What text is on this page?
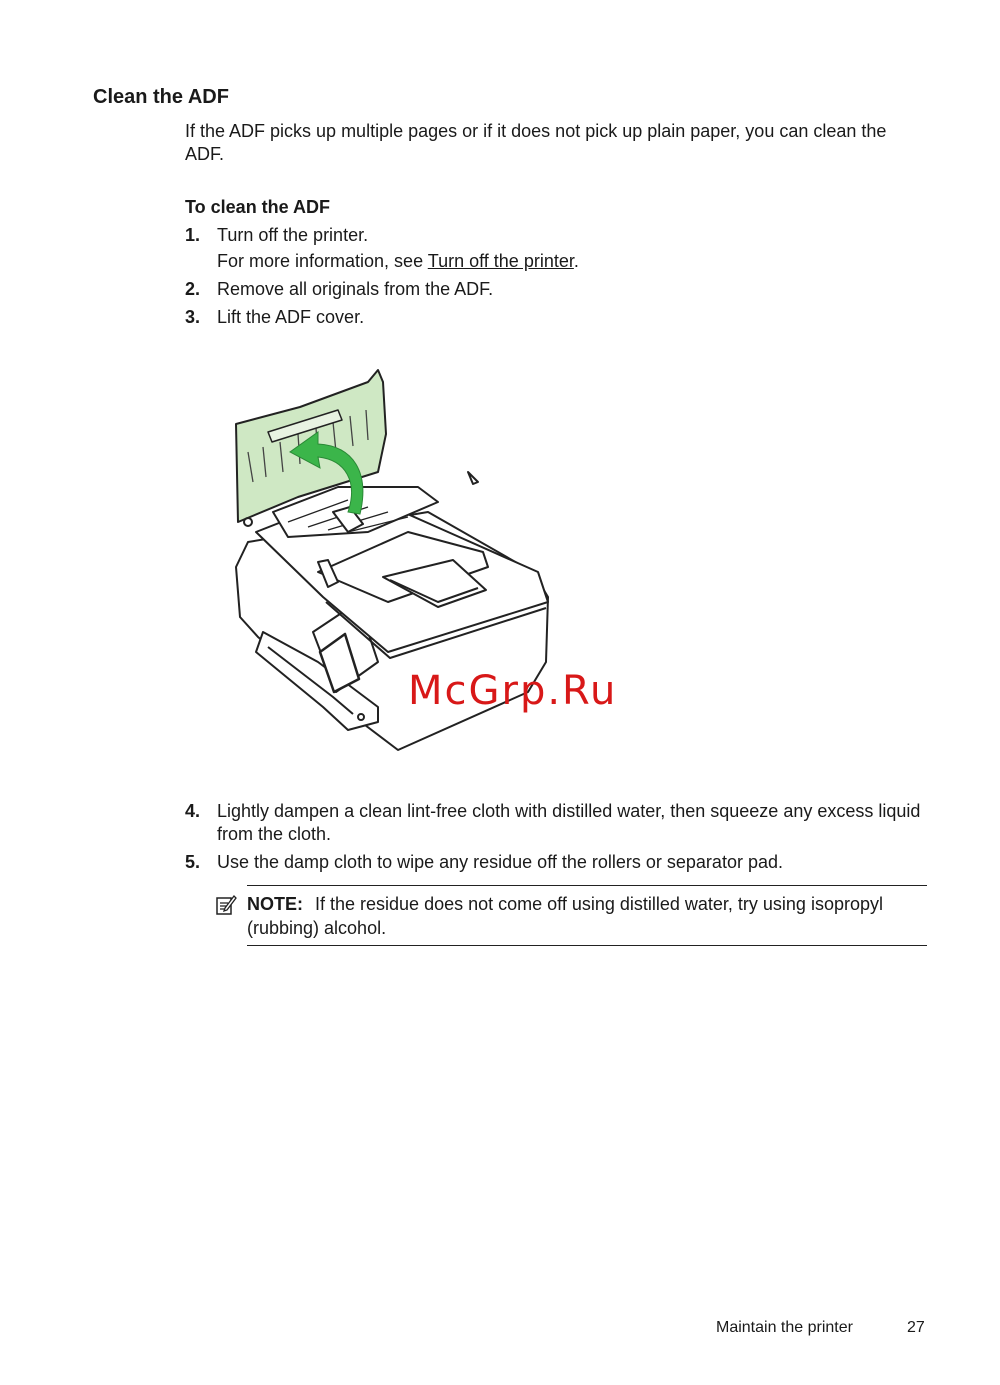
Clean the ADF
If the ADF picks up multiple pages or if it does not pick up plain paper, you can clean the ADF.
To clean the ADF
1. Turn off the printer.
For more information, see Turn off the printer.
2. Remove all originals from the ADF.
3. Lift the ADF cover.
McGrp.Ru
4. Lightly dampen a clean lint-free cloth with distilled water, then squeeze any excess liquid from the cloth.
5. Use the damp cloth to wipe any residue off the rollers or separator pad.
NOTE: If the residue does not come off using distilled water, try using isopropyl (rubbing) alcohol.
Maintain the printer	27
